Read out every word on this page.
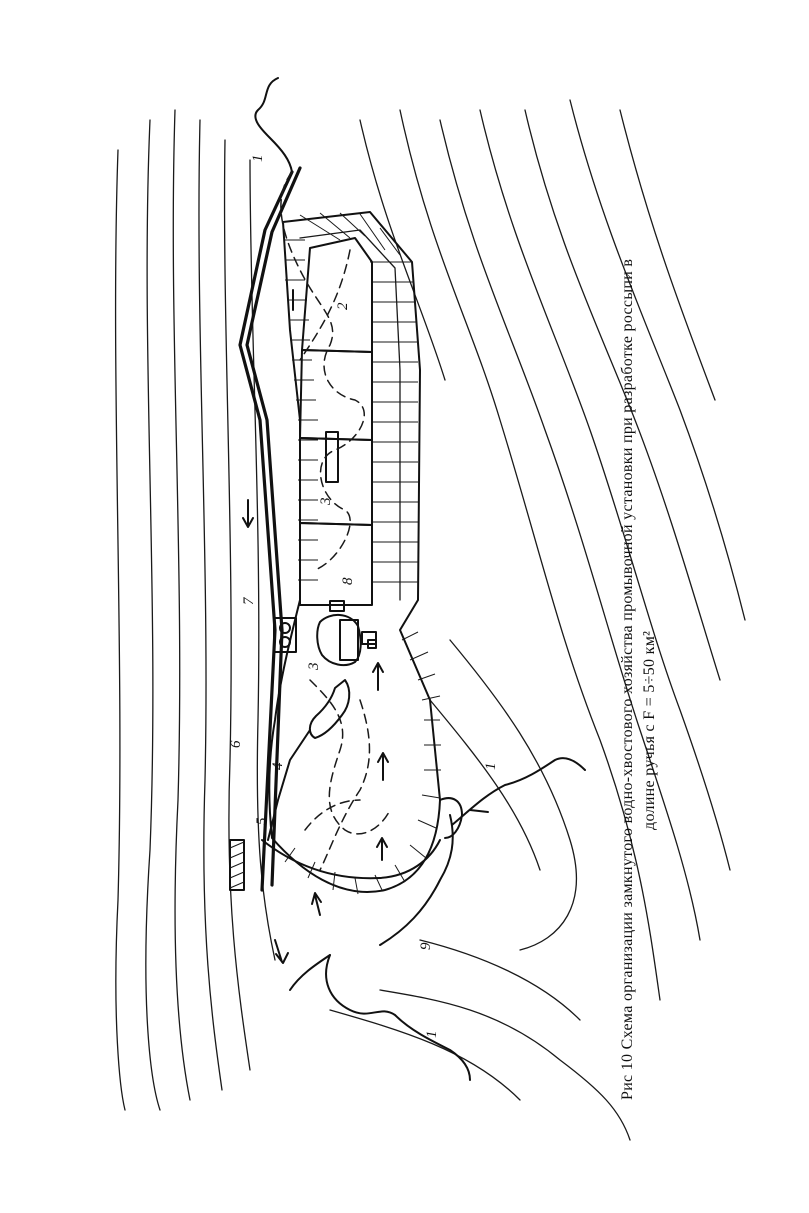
1
2
3
8
7
3
6
4	1
5
9
1	Рис 10 Схема организации замкнутого водно-хвостового хозяйства промывочной установки при разработке россыпи в долине ручья с F = 5÷50 км²
